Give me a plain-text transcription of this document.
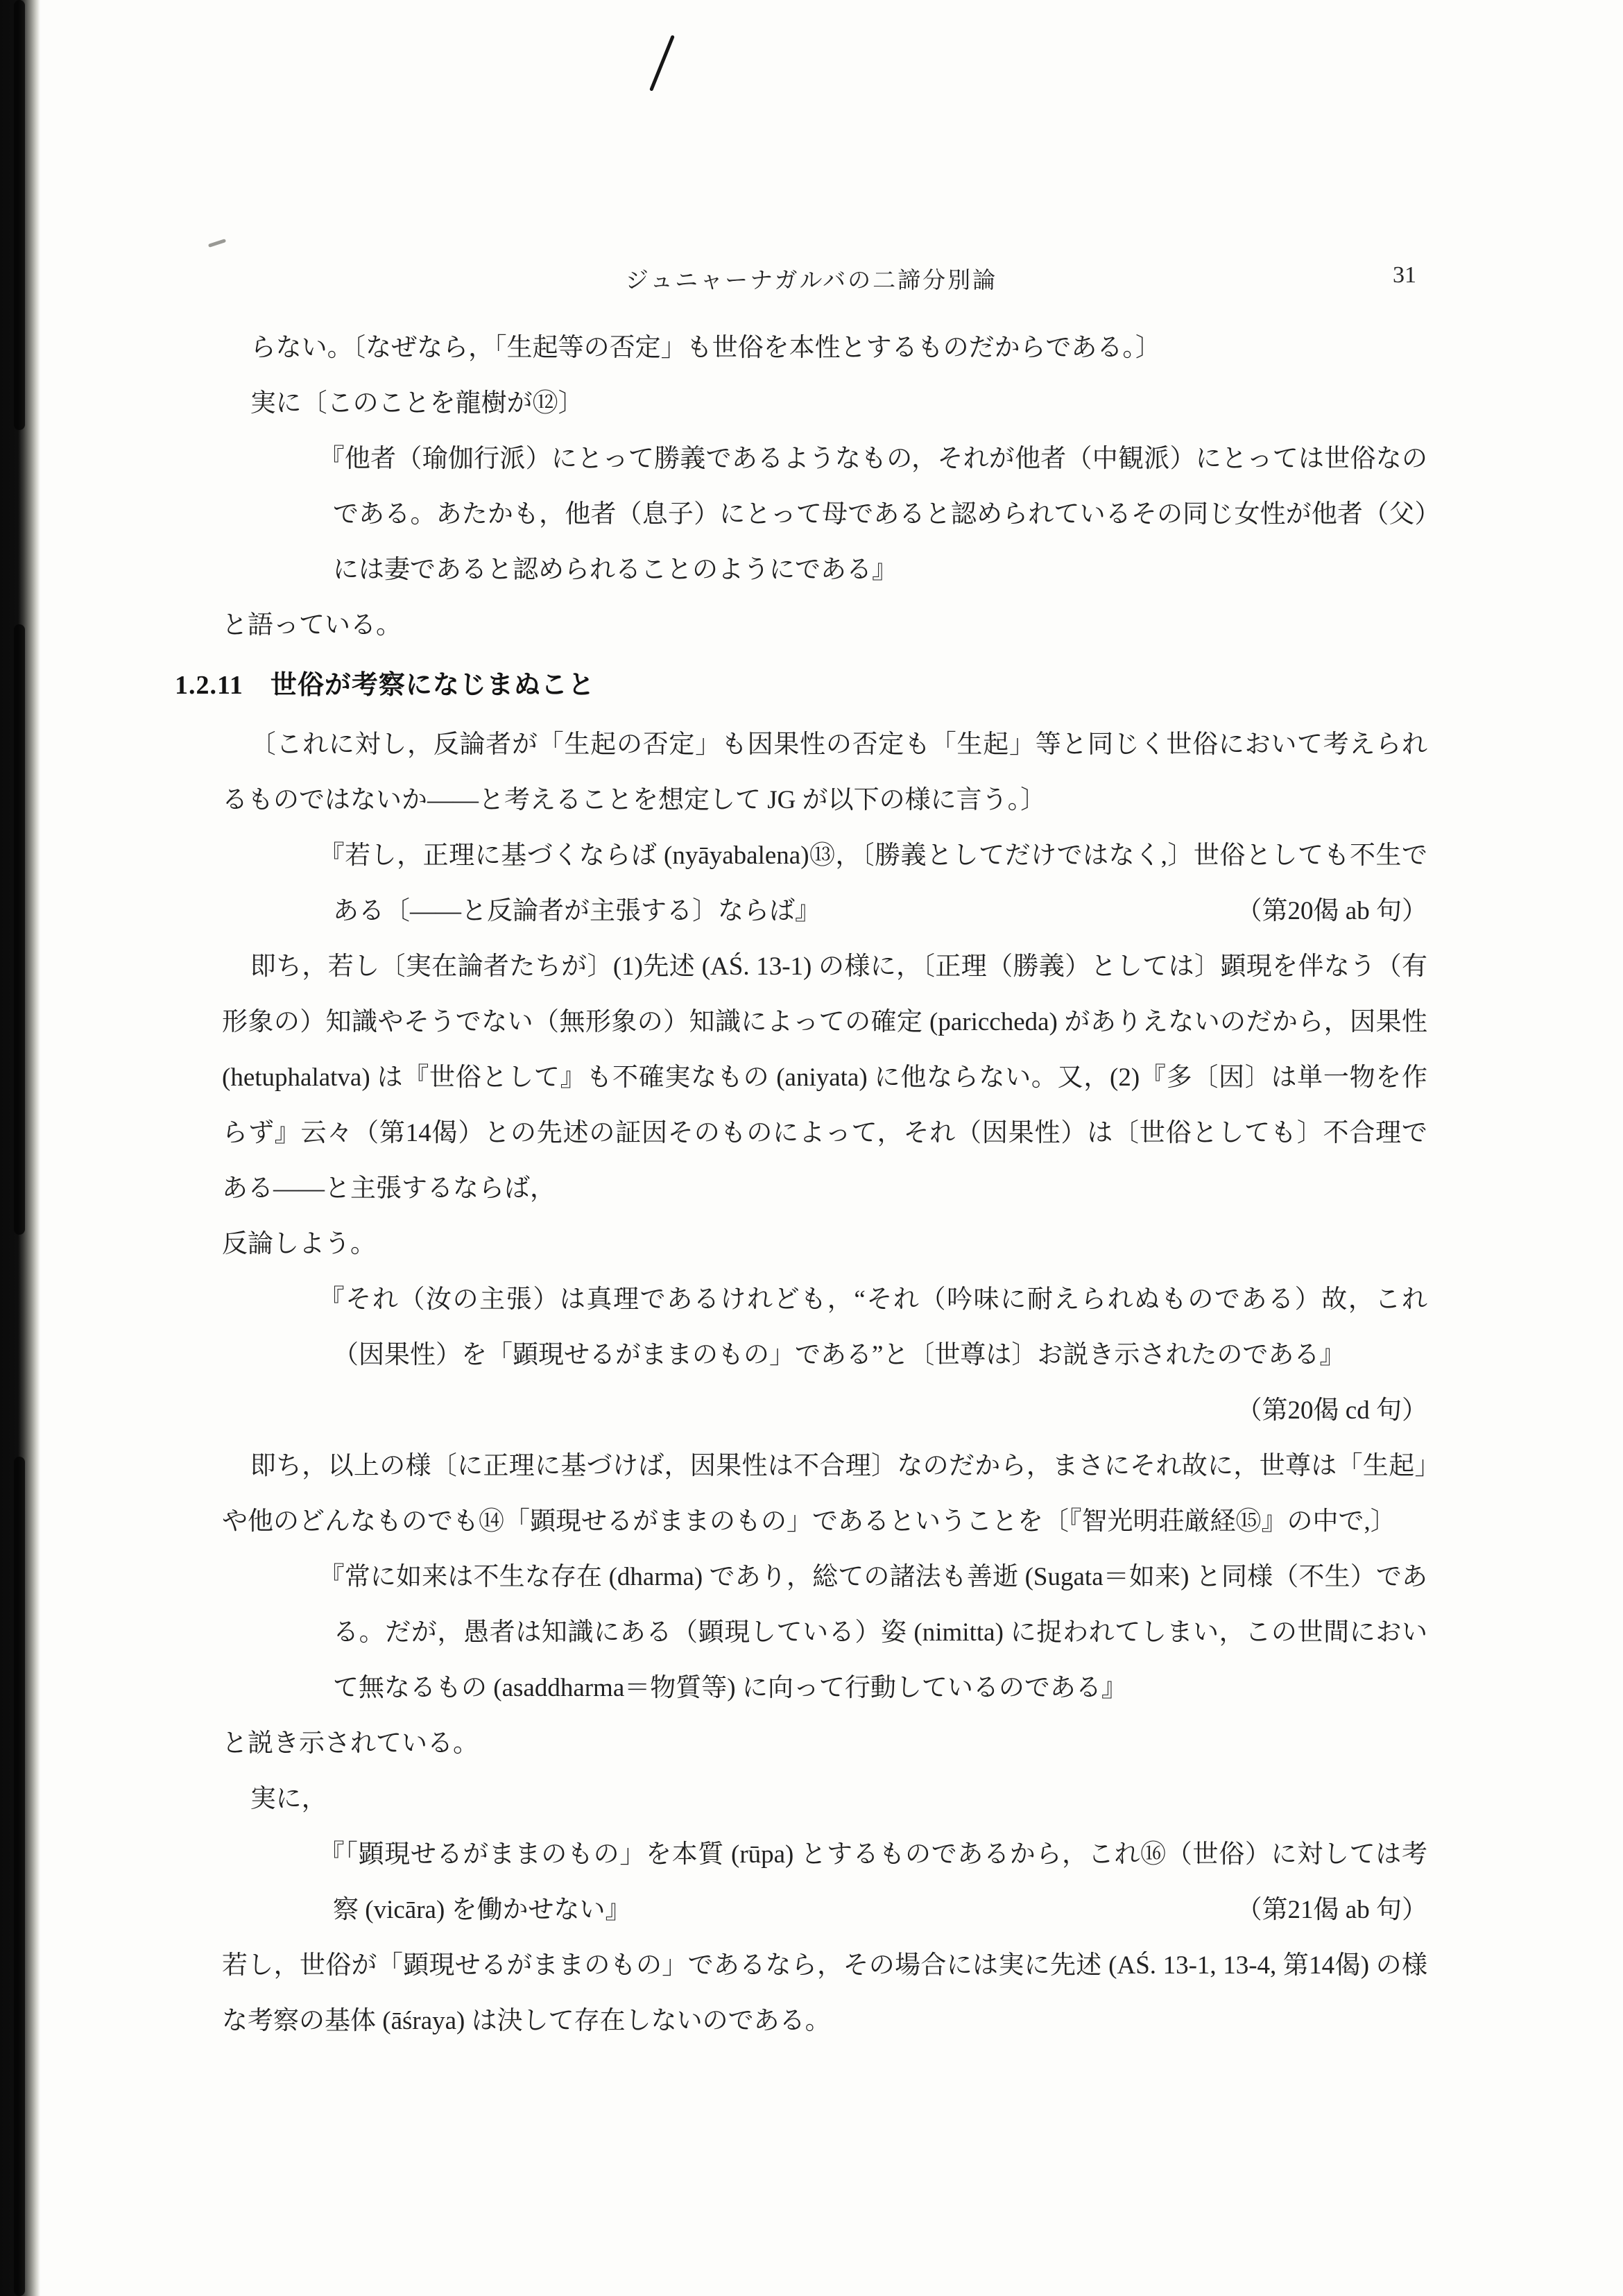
ジュニャーナガルバの二諦分別論	31

らない。〔なぜなら，「生起等の否定」も世俗を本性とするものだからである。〕

実に〔このことを龍樹が⑫〕

『他者（瑜伽行派）にとって勝義であるようなもの，それが他者（中観派）にとっては世俗なのである。あたかも，他者（息子）にとって母であると認められているその同じ女性が他者（父）には妻であると認められることのようにである』

と語っている。

1.2.11　世俗が考察になじまぬこと

〔これに対し，反論者が「生起の否定」も因果性の否定も「生起」等と同じく世俗において考えられるものではないか——と考えることを想定して JG が以下の様に言う。〕

『若し，正理に基づくならば (nyāyabalena)⑬，〔勝義としてだけではなく,〕世俗としても不生である〔——と反論者が主張する〕ならば』	（第20偈 ab 句）

即ち，若し〔実在論者たちが〕(1)先述 (AŚ. 13-1) の様に，〔正理（勝義）としては〕顕現を伴なう（有形象の）知識やそうでない（無形象の）知識によっての確定 (pariccheda) がありえないのだから，因果性 (hetuphalatva) は『世俗として』も不確実なもの (aniyata) に他ならない。又，(2)『多〔因〕は単一物を作らず』云々（第14偈）との先述の証因そのものによって，それ（因果性）は〔世俗としても〕不合理である——と主張するならば，

反論しよう。

『それ（汝の主張）は真理であるけれども，“それ（吟味に耐えられぬものである）故，これ（因果性）を「顕現せるがままのもの」である”と〔世尊は〕お説き示されたのである』

（第20偈 cd 句）

即ち，以上の様〔に正理に基づけば，因果性は不合理〕なのだから，まさにそれ故に，世尊は「生起」や他のどんなものでも⑭「顕現せるがままのもの」であるということを〔『智光明荘厳経⑮』の中で,〕

『常に如来は不生な存在 (dharma) であり，総ての諸法も善逝 (Sugata＝如来) と同様（不生）である。だが，愚者は知識にある（顕現している）姿 (nimitta) に捉われてしまい，この世間において無なるもの (asaddharma＝物質等) に向って行動しているのである』

と説き示されている。

実に，

『「顕現せるがままのもの」を本質 (rūpa) とするものであるから，これ⑯（世俗）に対しては考察 (vicāra) を働かせない』	（第21偈 ab 句）

若し，世俗が「顕現せるがままのもの」であるなら，その場合には実に先述 (AŚ. 13-1, 13-4, 第14偈) の様な考察の基体 (āśraya) は決して存在しないのである。
